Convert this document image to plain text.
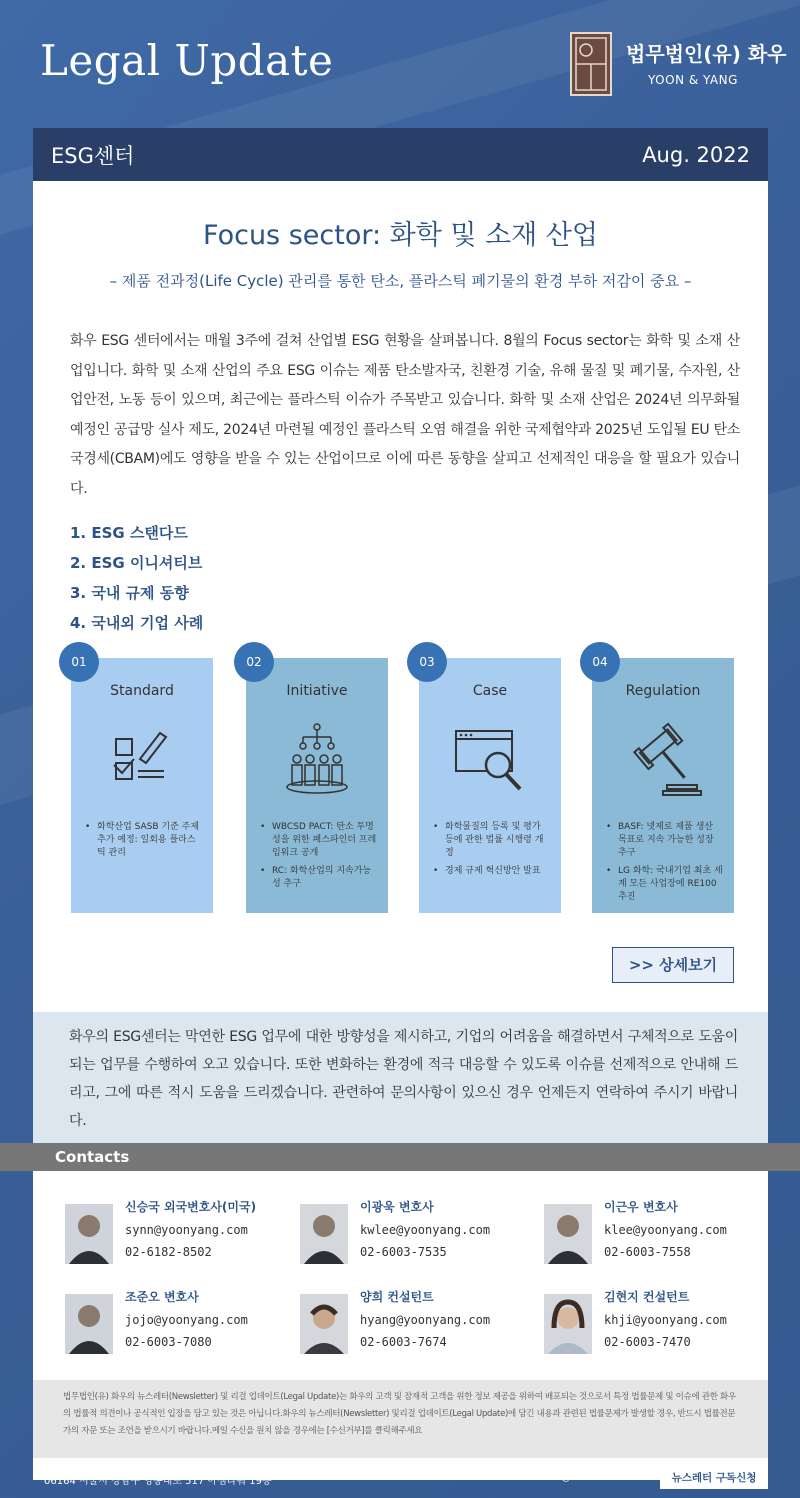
Legal Update	법무법인(유) 화우
YOON & YANG
ESG센터	Aug. 2022
Focus sector: 화학 및 소재 산업
– 제품 전과정(Life Cycle) 관리를 통한 탄소, 플라스틱 폐기물의 환경 부하 저감이 중요 –

화우 ESG 센터에서는 매월 3주에 걸쳐 산업별 ESG 현황을 살펴봅니다. 8월의 Focus sector는 화학 및 소재 산업입니다. 화학 및 소재 산업의 주요 ESG 이슈는 제품 탄소발자국, 친환경 기술, 유해 물질 및 폐기물, 수자원, 산업안전, 노동 등이 있으며, 최근에는 플라스틱 이슈가 주목받고 있습니다. 화학 및 소재 산업은 2024년 의무화될 예정인 공급망 실사 제도, 2024년 마련될 예정인 플라스틱 오염 해결을 위한 국제협약과 2025년 도입될 EU 탄소국경세(CBAM)에도 영향을 받을 수 있는 산업이므로 이에 따른 동향을 살피고 선제적인 대응을 할 필요가 있습니다.

1. ESG 스탠다드
2. ESG 이니셔티브
3. 국내 규제 동향
4. 국내외 기업 사례
01
Standard
• 화학산업 SASB 기준 주제 추가 예정: 일회용 플라스틱 관리
02
Initiative
• WBCSD PACT: 탄소 투명성을 위한 패스파인더 프레임워크 공개
• RC: 화학산업의 지속가능성 추구
03
Case
• 화학물질의 등록 및 평가 등에 관한 법률 시행령 개정
• 경제 규제 혁신방안 발표
04
Regulation
• BASF: 넷제로 제품 생산 목표로 지속 가능한 성장 추구
• LG 화학: 국내기업 최초 세계 모든 사업장에 RE100 추진
>> 상세보기
화우의 ESG센터는 막연한 ESG 업무에 대한 방향성을 제시하고, 기업의 어려움을 해결하면서 구체적으로 도움이 되는 업무를 수행하여 오고 있습니다. 또한 변화하는 환경에 적극 대응할 수 있도록 이슈를 선제적으로 안내해 드리고, 그에 따른 적시 도움을 드리겠습니다. 관련하여 문의사항이 있으신 경우 언제든지 연락하여 주시기 바랍니다.
Contacts
신승국 외국변호사(미국)
synn@yoonyang.com
02-6182-8502
이광욱 변호사
kwlee@yoonyang.com
02-6003-7535
이근우 변호사
klee@yoonyang.com
02-6003-7558
조준오 변호사
jojo@yoonyang.com
02-6003-7080
양희 컨설턴트
hyang@yoonyang.com
02-6003-7674
김현지 컨설턴트
khji@yoonyang.com
02-6003-7470
법무법인(유) 화우의 뉴스레터(Newsletter) 및 리걸 업데이트(Legal Update)는 화우의 고객 및 잠재적 고객을 위한 정보 제공을 위하여 배포되는 것으로서 특정 법률문제 및 이슈에 관한 화우의 법률적 의견이나 공식적인 입장을 담고 있는 것은 아닙니다.화우의 뉴스레터(Newsletter) 및리걸 업데이트(Legal Update)에 담긴 내용과 관련된 법률문제가 발생할 경우, 반드시 법률전문가의 자문 또는 조언을 받으시기 바랍니다.메일 수신을 원치 않을 경우에는 [수신거부]를 클릭해주세요
06164 서울시 강남구 영동대로 517 아셈타워 19층	T: 02-6003-7000 E : hwawoonews@hwawoo.com	뉴스레터 구독신청
